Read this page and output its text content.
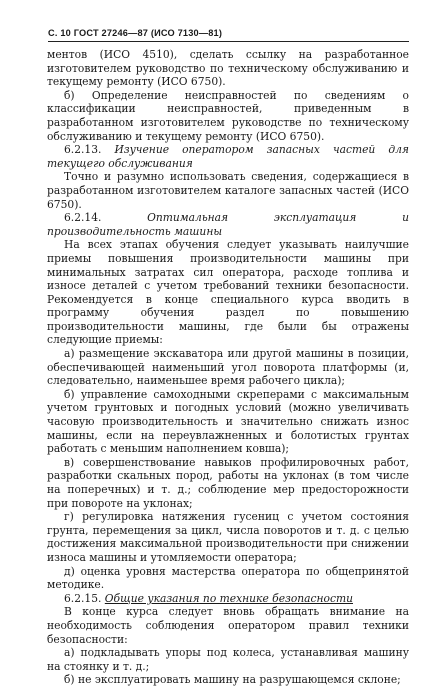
С. 10 ГОСТ 27246—87 (ИСО 7130—81)

ментов (ИСО 4510), сделать ссылку на разработанное изготовителем руководство по техническому обслуживанию и текущему ремонту (ИСО 6750).

б) Определение неисправностей по сведениям о классификации неисправностей, приведенным в разработанном изготовителем руководстве по техническому обслуживанию и текущему ремонту (ИСО 6750).

6.2.13. Изучение оператором запасных частей для текущего обслуживания

Точно и разумно использовать сведения, содержащиеся в разработанном изготовителем каталоге запасных частей (ИСО 6750).

6.2.14.	Оптимальная эксплуатация и производительность машины

На всех этапах обучения следует указывать наилучшие приемы повышения производительности машины при минимальных затратах сил оператора, расходе топлива и износе деталей с учетом требований техники безопасности. Рекомендуется в конце специального курса вводить в программу обучения раздел по повышению производительности машины, где были бы отражены следующие приемы:

а) размещение экскаватора или другой машины в позиции, обеспечивающей наименьший угол поворота платформы (и, следовательно, наименьшее время рабочего цикла);

б) управление самоходными скреперами с максимальным учетом грунтовых и погодных условий (можно увеличивать часовую производительность и значительно снижать износ машины, если на переувлажненных и болотистых грунтах работать с меньшим наполнением ковша);

в) совершенствование навыков профилировочных работ, разработки скальных пород, работы на уклонах (в том числе на поперечных) и т. д.; соблюдение мер предосторожности при повороте на уклонах;

г) регулировка натяжения гусениц с учетом состояния грунта, перемещения за цикл, числа поворотов и т. д. с целью достижения максимальной производительности при снижении износа машины и утомляемости оператора;

д) оценка уровня мастерства оператора по общепринятой методике.

6.2.15. Общие указания по технике безопасности

В конце курса следует вновь обращать внимание на необходимость соблюдения оператором правил техники безопасности:

а) подкладывать упоры под колеса, устанавливая машину на стоянку и т. д.;

б) не эксплуатировать машину на разрушающемся склоне;
